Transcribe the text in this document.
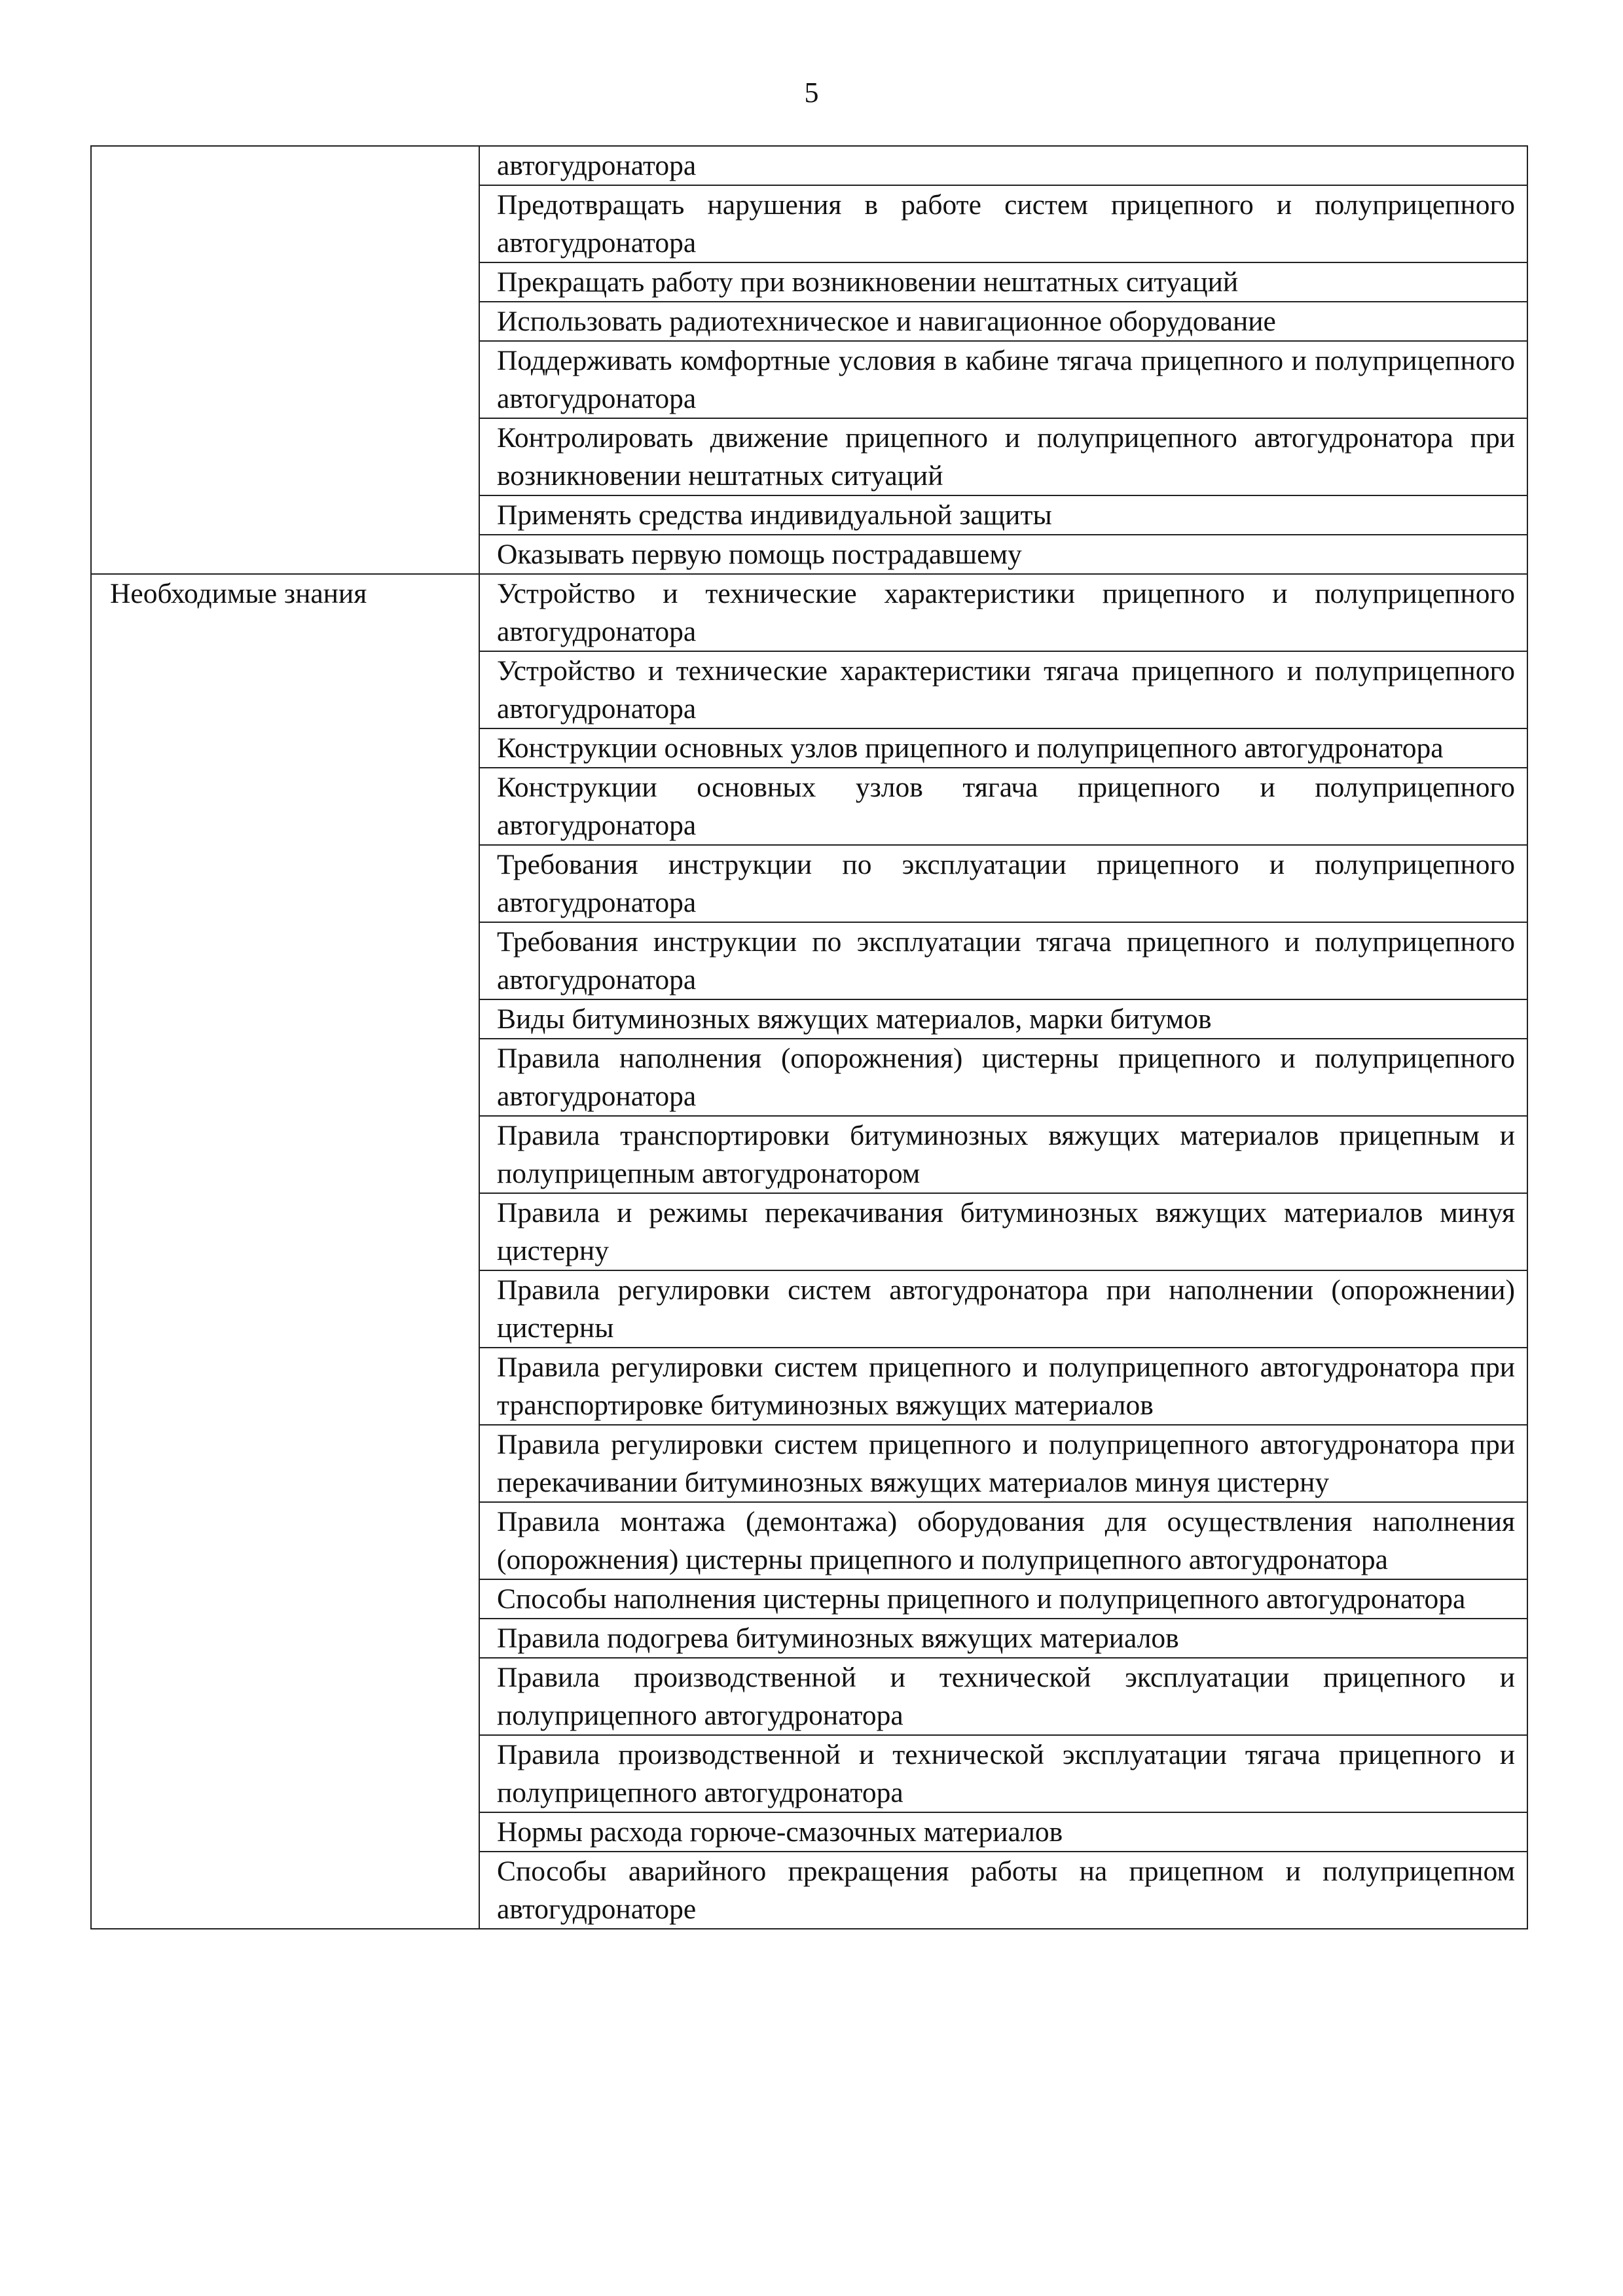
5
	автогудронатора
	Предотвращать нарушения в работе систем прицепного и полуприцепного автогудронатора
	Прекращать работу при возникновении нештатных ситуаций
	Использовать радиотехническое и навигационное оборудование
	Поддерживать комфортные условия в кабине тягача прицепного и полуприцепного автогудронатора
	Контролировать движение прицепного и полуприцепного автогудронатора при возникновении нештатных ситуаций
	Применять средства индивидуальной защиты
	Оказывать первую помощь пострадавшему
Необходимые знания	Устройство и технические характеристики прицепного и полуприцепного автогудронатора
	Устройство и технические характеристики тягача прицепного и полуприцепного автогудронатора
	Конструкции основных узлов прицепного и полуприцепного автогудронатора
	Конструкции основных узлов тягача прицепного и полуприцепного автогудронатора
	Требования инструкции по эксплуатации прицепного и полуприцепного автогудронатора
	Требования инструкции по эксплуатации тягача прицепного и полуприцепного автогудронатора
	Виды битуминозных вяжущих материалов, марки битумов
	Правила наполнения (опорожнения) цистерны прицепного и полуприцепного автогудронатора
	Правила транспортировки битуминозных вяжущих материалов прицепным и полуприцепным автогудронатором
	Правила и режимы перекачивания битуминозных вяжущих материалов минуя цистерну
	Правила регулировки систем автогудронатора при наполнении (опорожнении) цистерны
	Правила регулировки систем прицепного и полуприцепного автогудронатора при транспортировке битуминозных вяжущих материалов
	Правила регулировки систем прицепного и полуприцепного автогудронатора при перекачивании битуминозных вяжущих материалов минуя цистерну
	Правила монтажа (демонтажа) оборудования для осуществления наполнения (опорожнения) цистерны прицепного и полуприцепного автогудронатора
	Способы наполнения цистерны прицепного и полуприцепного автогудронатора
	Правила подогрева битуминозных вяжущих материалов
	Правила производственной и технической эксплуатации прицепного и полуприцепного автогудронатора
	Правила производственной и технической эксплуатации тягача прицепного и полуприцепного автогудронатора
	Нормы расхода горюче-смазочных материалов
	Способы аварийного прекращения работы на прицепном и полуприцепном автогудронаторе
